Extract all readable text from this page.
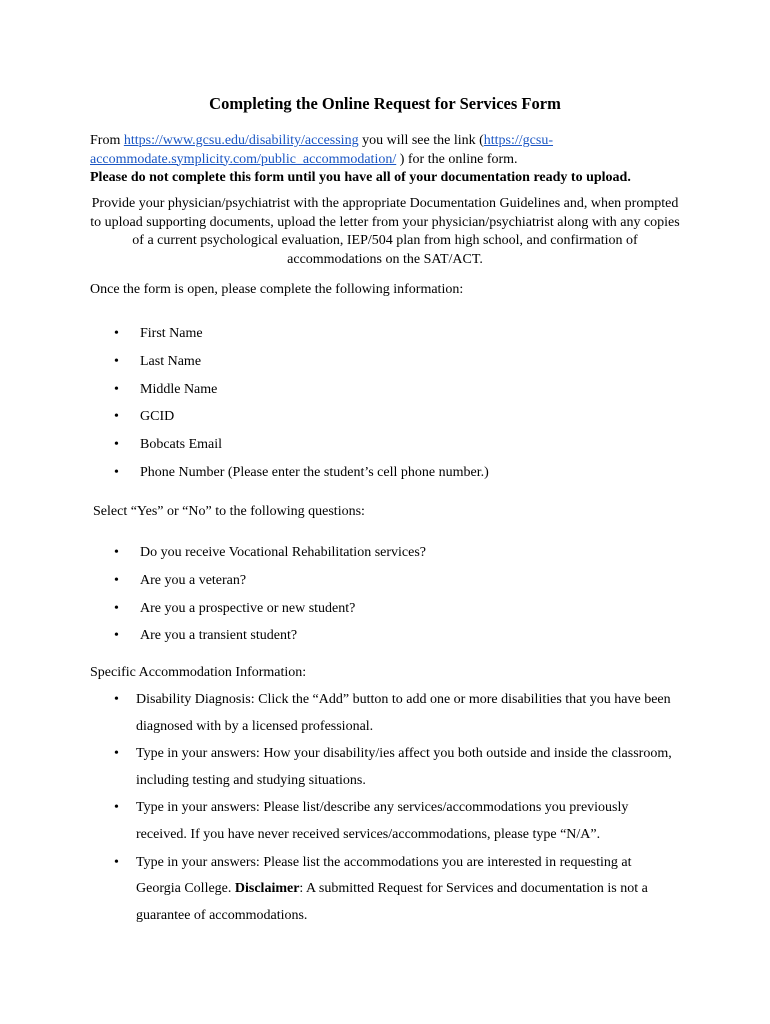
Completing the Online Request for Services Form
From https://www.gcsu.edu/disability/accessing you will see the link (https://gcsu-accommodate.symplicity.com/public_accommodation/ ) for the online form.
Please do not complete this form until you have all of your documentation ready to upload.
Provide your physician/psychiatrist with the appropriate Documentation Guidelines and, when prompted to upload supporting documents, upload the letter from your physician/psychiatrist along with any copies of a current psychological evaluation, IEP/504 plan from high school, and confirmation of accommodations on the SAT/ACT.
Once the form is open, please complete the following information:
• First Name
• Last Name
• Middle Name
• GCID
• Bobcats Email
• Phone Number (Please enter the student’s cell phone number.)
Select “Yes” or “No” to the following questions:
• Do you receive Vocational Rehabilitation services?
• Are you a veteran?
• Are you a prospective or new student?
• Are you a transient student?
Specific Accommodation Information:
• Disability Diagnosis: Click the “Add” button to add one or more disabilities that you have been diagnosed with by a licensed professional.
• Type in your answers: How your disability/ies affect you both outside and inside the classroom, including testing and studying situations.
• Type in your answers: Please list/describe any services/accommodations you previously received. If you have never received services/accommodations, please type “N/A”.
• Type in your answers: Please list the accommodations you are interested in requesting at Georgia College. Disclaimer: A submitted Request for Services and documentation is not a guarantee of accommodations.
